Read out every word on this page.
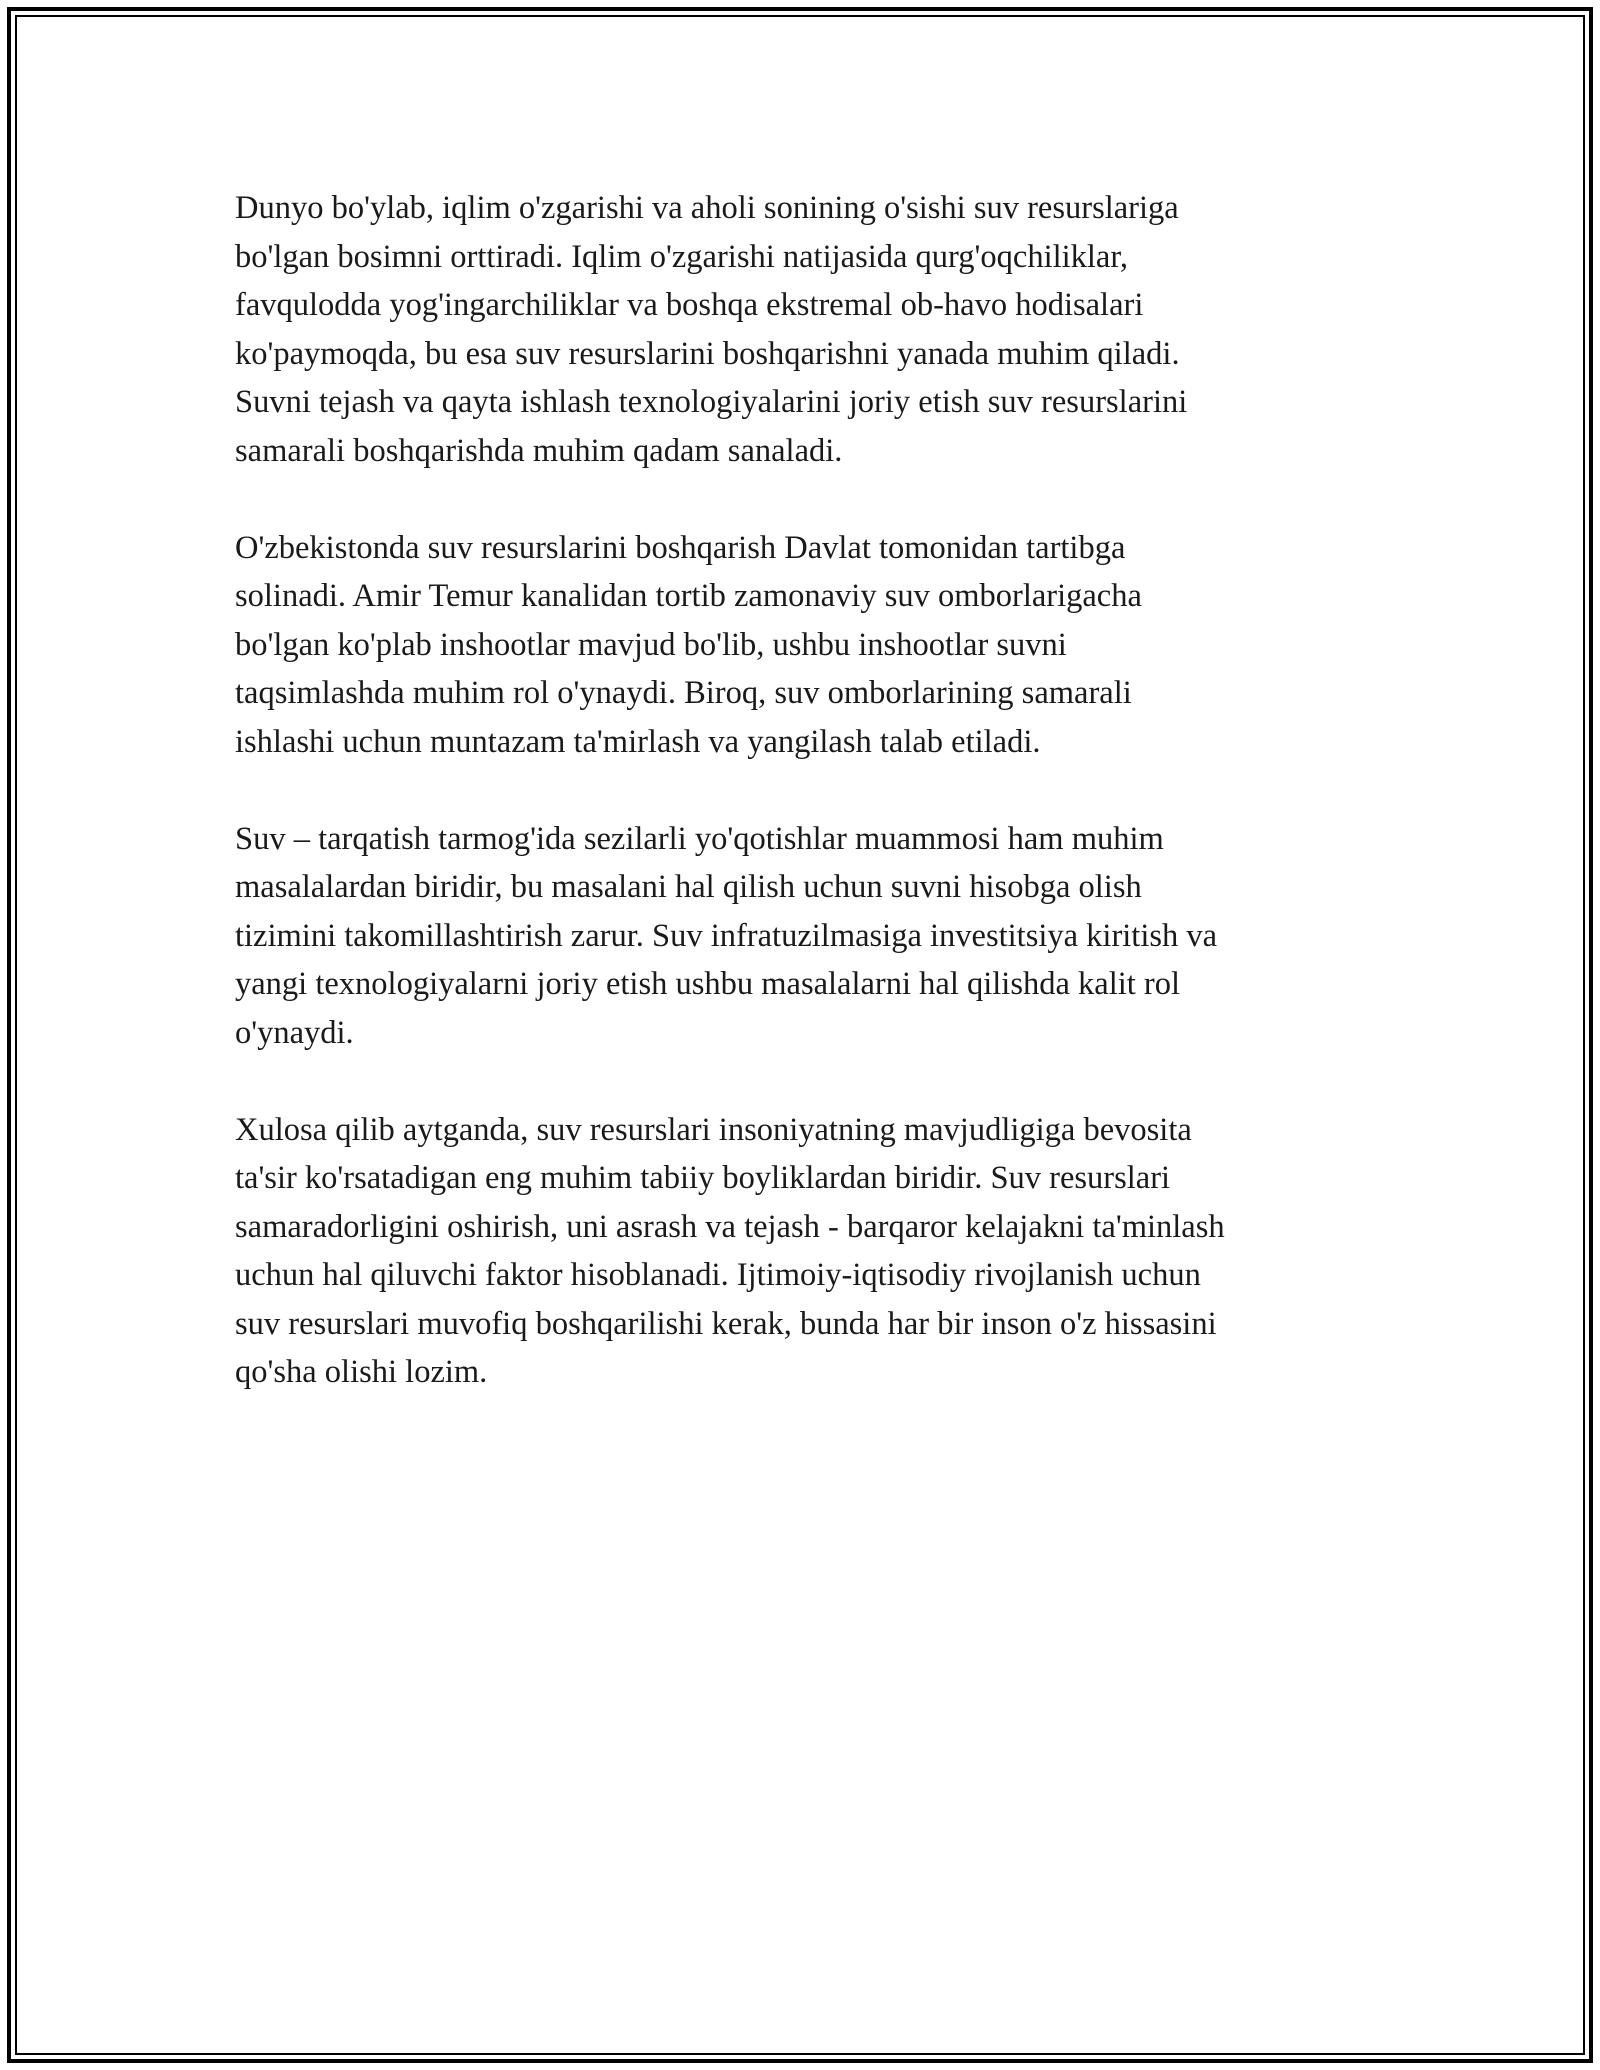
Dunyo bo'ylab, iqlim o'zgarishi va aholi sonining o'sishi suv resurslariga
bo'lgan bosimni orttiradi. Iqlim o'zgarishi natijasida qurg'oqchiliklar,
favqulodda yog'ingarchiliklar va boshqa ekstremal ob-havo hodisalari
ko'paymoqda, bu esa suv resurslarini boshqarishni yanada muhim qiladi.
Suvni tejash va qayta ishlash texnologiyalarini joriy etish suv resurslarini
samarali boshqarishda muhim qadam sanaladi.

O'zbekistonda suv resurslarini boshqarish Davlat tomonidan tartibga
solinadi. Amir Temur kanalidan tortib zamonaviy suv omborlarigacha
bo'lgan ko'plab inshootlar mavjud bo'lib, ushbu inshootlar suvni
taqsimlashda muhim rol o'ynaydi. Biroq, suv omborlarining samarali
ishlashi uchun muntazam ta'mirlash va yangilash talab etiladi.

Suv – tarqatish tarmog'ida sezilarli yo'qotishlar muammosi ham muhim
masalalardan biridir, bu masalani hal qilish uchun suvni hisobga olish
tizimini takomillashtirish zarur. Suv infratuzilmasiga investitsiya kiritish va
yangi texnologiyalarni joriy etish ushbu masalalarni hal qilishda kalit rol
o'ynaydi.

Xulosa qilib aytganda, suv resurslari insoniyatning mavjudligiga bevosita
ta'sir ko'rsatadigan eng muhim tabiiy boyliklardan biridir. Suv resurslari
samaradorligini oshirish, uni asrash va tejash - barqaror kelajakni ta'minlash
uchun hal qiluvchi faktor hisoblanadi. Ijtimoiy-iqtisodiy rivojlanish uchun
suv resurslari muvofiq boshqarilishi kerak, bunda har bir inson o'z hissasini
qo'sha olishi lozim.
